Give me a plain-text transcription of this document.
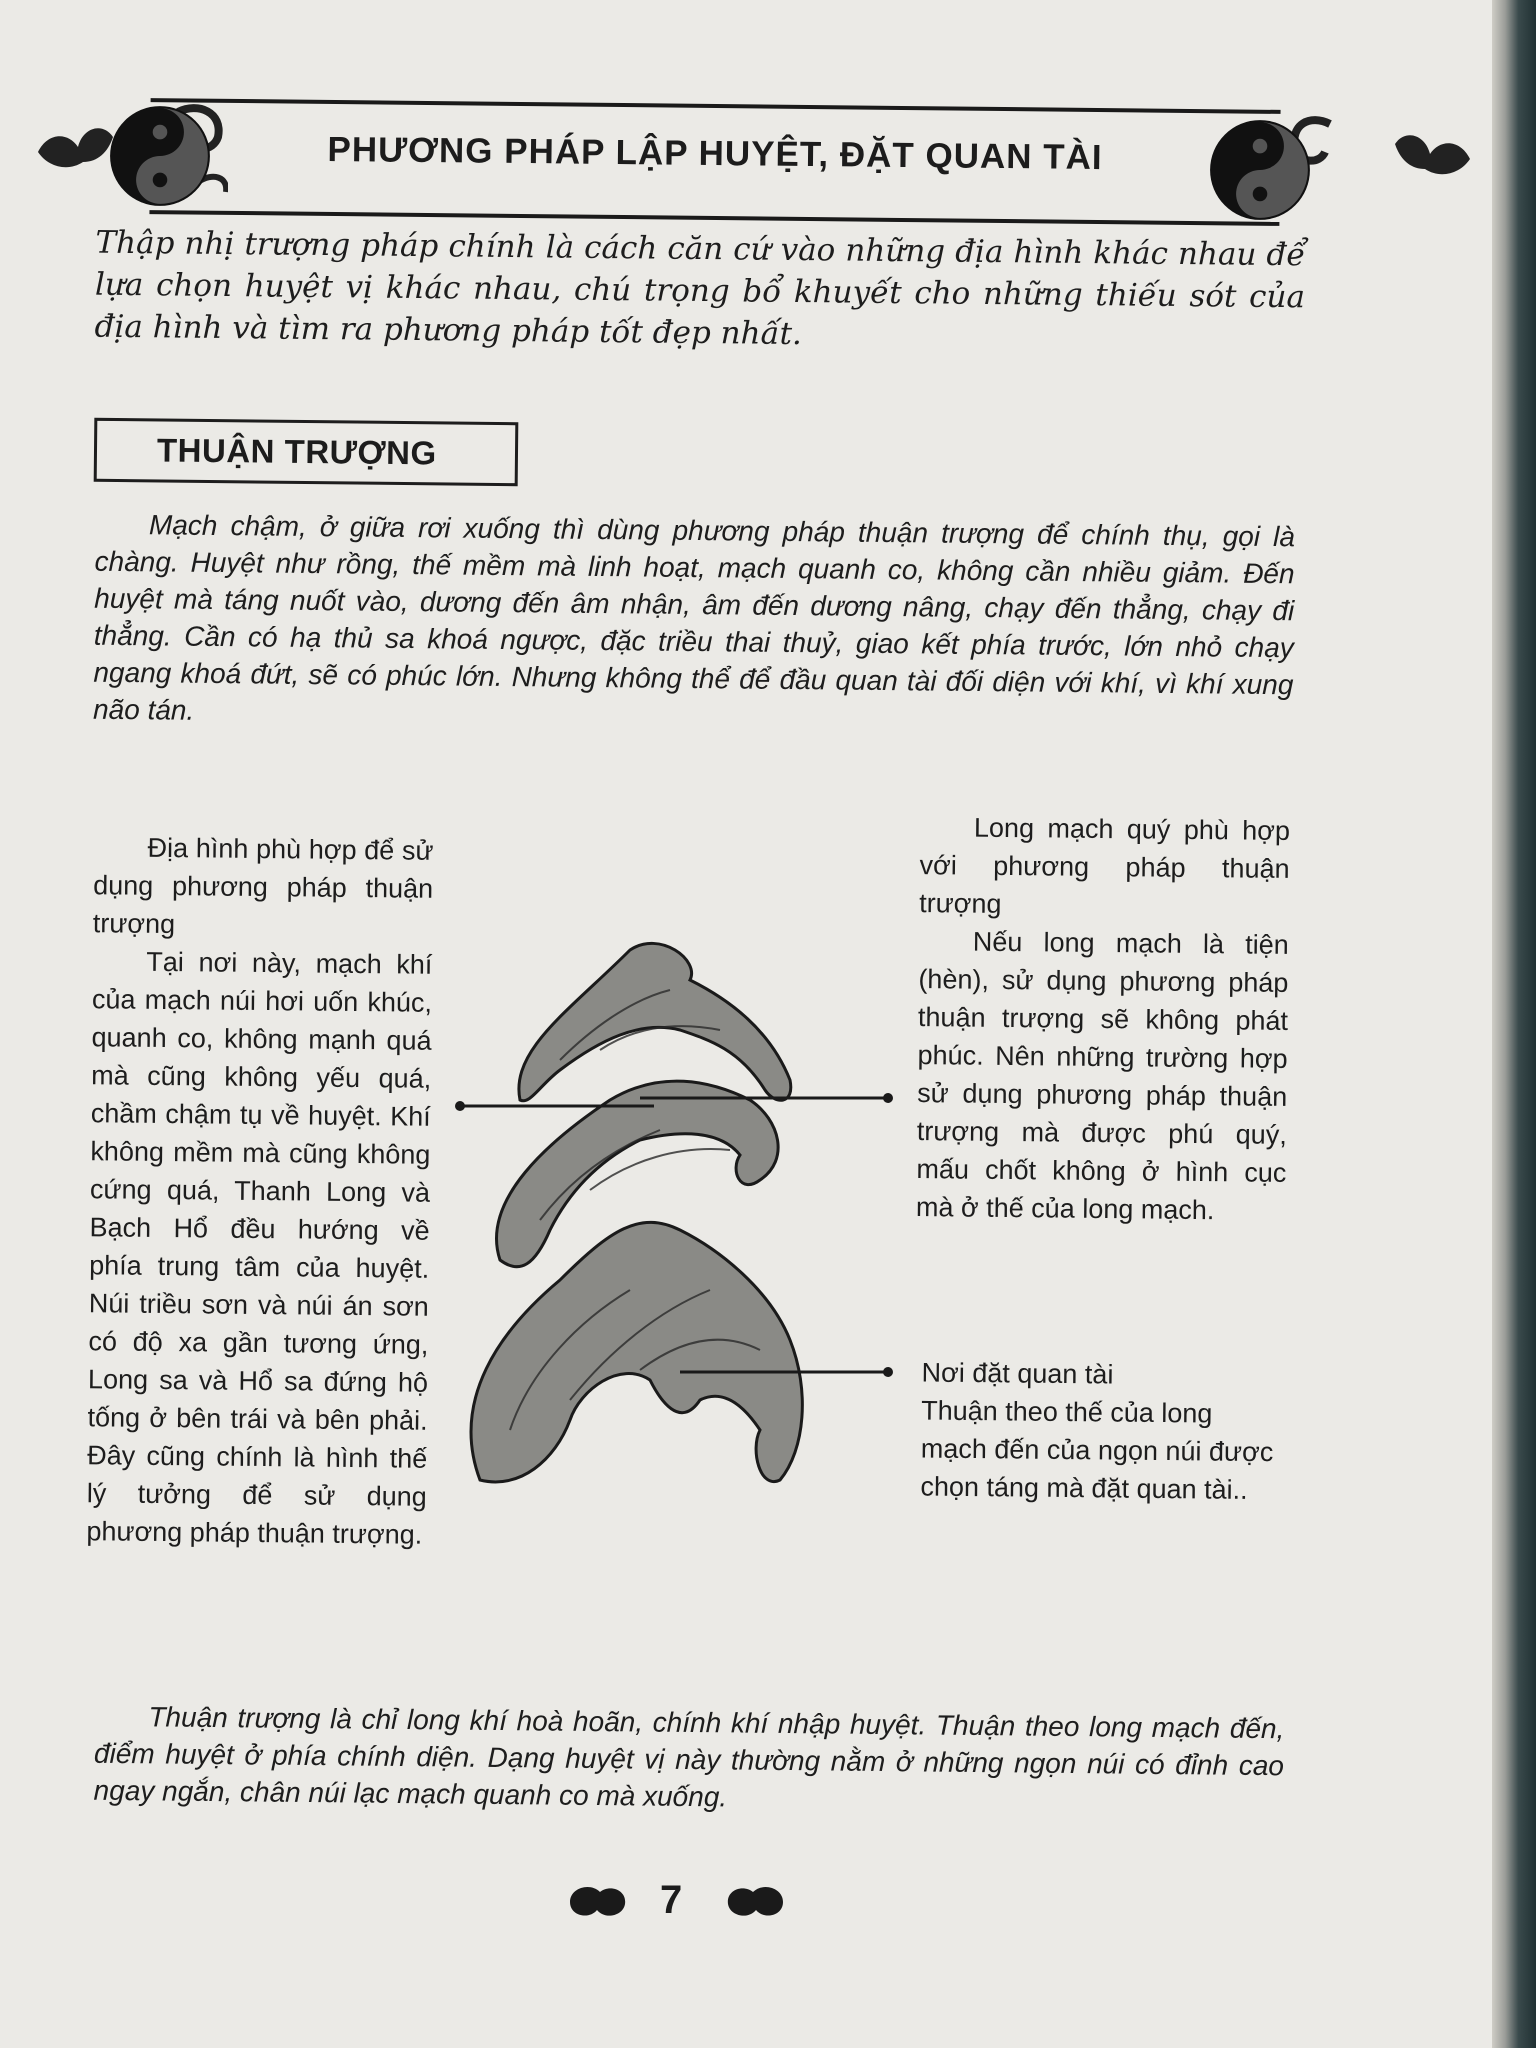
PHƯƠNG PHÁP LẬP HUYỆT, ĐẶT QUAN TÀI

Thập nhị trượng pháp chính là cách căn cứ vào những địa hình khác nhau để lựa chọn huyệt vị khác nhau, chú trọng bổ khuyết cho những thiếu sót của địa hình và tìm ra phương pháp tốt đẹp nhất.

THUẬN TRƯỢNG

Mạch chậm, ở giữa rơi xuống thì dùng phương pháp thuận trượng để chính thụ, gọi là chàng. Huyệt như rồng, thế mềm mà linh hoạt, mạch quanh co, không cần nhiều giảm. Đến huyệt mà táng nuốt vào, dương đến âm nhận, âm đến dương nâng, chạy đến thẳng, chạy đi thẳng. Cần có hạ thủ sa khoá ngược, đặc triều thai thuỷ, giao kết phía trước, lớn nhỏ chạy ngang khoá đứt, sẽ có phúc lớn. Nhưng không thể để đầu quan tài đối diện với khí, vì khí xung não tán.

Địa hình phù hợp để sử dụng phương pháp thuận trượng

Tại nơi này, mạch khí của mạch núi hơi uốn khúc, quanh co, không mạnh quá mà cũng không yếu quá, chầm chậm tụ về huyệt. Khí không mềm mà cũng không cứng quá, Thanh Long và Bạch Hổ đều hướng về phía trung tâm của huyệt. Núi triều sơn và núi án sơn có độ xa gần tương ứng, Long sa và Hổ sa đứng hộ tống ở bên trái và bên phải. Đây cũng chính là hình thế lý tưởng để sử dụng phương pháp thuận trượng.

Long mạch quý phù hợp với phương pháp thuận trượng

Nếu long mạch là tiện (hèn), sử dụng phương pháp thuận trượng sẽ không phát phúc. Nên những trường hợp sử dụng phương pháp thuận trượng mà được phú quý, mấu chốt không ở hình cục mà ở thế của long mạch.

Nơi đặt quan tài

Thuận theo thế của long mạch đến của ngọn núi được chọn táng mà đặt quan tài..

Thuận trượng là chỉ long khí hoà hoãn, chính khí nhập huyệt. Thuận theo long mạch đến, điểm huyệt ở phía chính diện. Dạng huyệt vị này thường nằm ở những ngọn núi có đỉnh cao ngay ngắn, chân núi lạc mạch quanh co mà xuống.

7
